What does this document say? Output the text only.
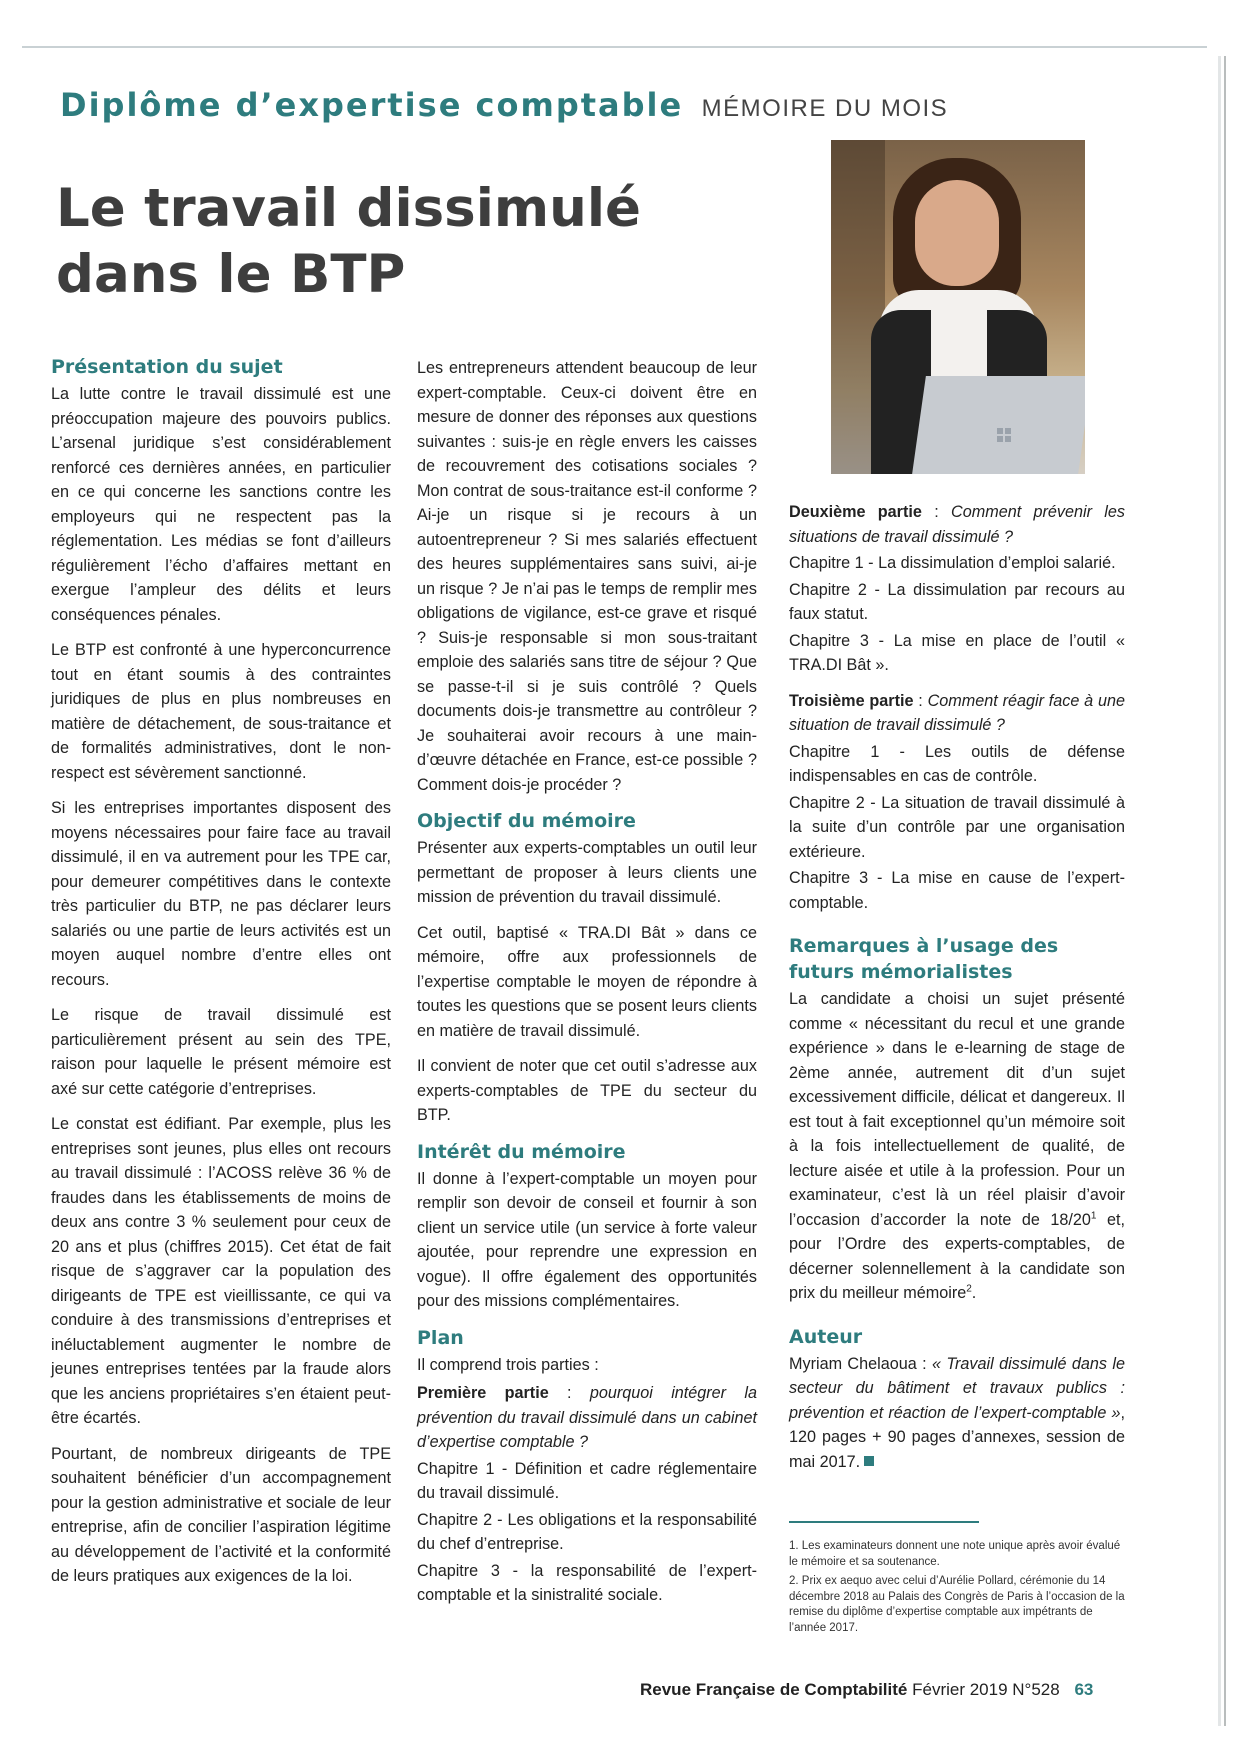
Diplôme d’expertise comptable MÉMOIRE DU MOIS
Le travail dissimulé dans le BTP
Présentation du sujet

La lutte contre le travail dissimulé est une préoccupation majeure des pouvoirs publics. L’arsenal juridique s’est considérablement renforcé ces dernières années, en particulier en ce qui concerne les sanctions contre les employeurs qui ne respectent pas la réglementation. Les médias se font d’ailleurs régulièrement l’écho d’affaires mettant en exergue l’ampleur des délits et leurs conséquences pénales.

Le BTP est confronté à une hyperconcurrence tout en étant soumis à des contraintes juridiques de plus en plus nombreuses en matière de détachement, de sous-traitance et de formalités administratives, dont le non-respect est sévèrement sanctionné.

Si les entreprises importantes disposent des moyens nécessaires pour faire face au travail dissimulé, il en va autrement pour les TPE car, pour demeurer compétitives dans le contexte très particulier du BTP, ne pas déclarer leurs salariés ou une partie de leurs activités est un moyen auquel nombre d’entre elles ont recours.

Le risque de travail dissimulé est particulièrement présent au sein des TPE, raison pour laquelle le présent mémoire est axé sur cette catégorie d’entreprises.

Le constat est édifiant. Par exemple, plus les entreprises sont jeunes, plus elles ont recours au travail dissimulé : l’ACOSS relève 36 % de fraudes dans les établissements de moins de deux ans contre 3 % seulement pour ceux de 20 ans et plus (chiffres 2015). Cet état de fait risque de s’aggraver car la population des dirigeants de TPE est vieillissante, ce qui va conduire à des transmissions d’entreprises et inéluctablement augmenter le nombre de jeunes entreprises tentées par la fraude alors que les anciens propriétaires s’en étaient peut-être écartés.

Pourtant, de nombreux dirigeants de TPE souhaitent bénéficier d’un accompagnement pour la gestion administrative et sociale de leur entreprise, afin de concilier l’aspiration légitime au développement de l’activité et la conformité de leurs pratiques aux exigences de la loi.

Les entrepreneurs attendent beaucoup de leur expert-comptable. Ceux-ci doivent être en mesure de donner des réponses aux questions suivantes : suis-je en règle envers les caisses de recouvrement des cotisations sociales ? Mon contrat de sous-traitance est-il conforme ? Ai-je un risque si je recours à un autoentrepreneur ? Si mes salariés effectuent des heures supplémentaires sans suivi, ai-je un risque ? Je n’ai pas le temps de remplir mes obligations de vigilance, est-ce grave et risqué ? Suis-je responsable si mon sous-traitant emploie des salariés sans titre de séjour ? Que se passe-t-il si je suis contrôlé ? Quels documents dois-je transmettre au contrôleur ? Je souhaiterai avoir recours à une main-d’œuvre détachée en France, est-ce possible ? Comment dois-je procéder ?

Objectif du mémoire

Présenter aux experts-comptables un outil leur permettant de proposer à leurs clients une mission de prévention du travail dissimulé.

Cet outil, baptisé « TRA.DI Bât » dans ce mémoire, offre aux professionnels de l’expertise comptable le moyen de répondre à toutes les questions que se posent leurs clients en matière de travail dissimulé.

Il convient de noter que cet outil s’adresse aux experts-comptables de TPE du secteur du BTP.

Intérêt du mémoire

Il donne à l’expert-comptable un moyen pour remplir son devoir de conseil et fournir à son client un service utile (un service à forte valeur ajoutée, pour reprendre une expression en vogue). Il offre également des opportunités pour des missions complémentaires.

Plan

Il comprend trois parties :

Première partie : pourquoi intégrer la prévention du travail dissimulé dans un cabinet d’expertise comptable ?

Chapitre 1 - Définition et cadre réglementaire du travail dissimulé.

Chapitre 2 - Les obligations et la responsabilité du chef d’entreprise.

Chapitre 3 - la responsabilité de l’expert-comptable et la sinistralité sociale.

Deuxième partie : Comment prévenir les situations de travail dissimulé ?

Chapitre 1 - La dissimulation d’emploi salarié.

Chapitre 2 - La dissimulation par recours au faux statut.

Chapitre 3 - La mise en place de l’outil « TRA.DI Bât ».

Troisième partie : Comment réagir face à une situation de travail dissimulé ?

Chapitre 1 - Les outils de défense indispensables en cas de contrôle.

Chapitre 2 - La situation de travail dissimulé à la suite d’un contrôle par une organisation extérieure.

Chapitre 3 - La mise en cause de l’expert-comptable.

Remarques à l’usage des futurs mémorialistes

La candidate a choisi un sujet présenté comme « nécessitant du recul et une grande expérience » dans le e-learning de stage de 2ème année, autrement dit d’un sujet excessivement difficile, délicat et dangereux. Il est tout à fait exceptionnel qu’un mémoire soit à la fois intellectuellement de qualité, de lecture aisée et utile à la profession. Pour un examinateur, c’est là un réel plaisir d’avoir l’occasion d’accorder la note de $18/20^1$ et, pour l’Ordre des experts-comptables, de décerner solennellement à la candidate son prix du meilleur mémoire$^2$.

Auteur

Myriam Chelaoua : « Travail dissimulé dans le secteur du bâtiment et travaux publics : prévention et réaction de l’expert-comptable », 120 pages + 90 pages d’annexes, session de mai 2017.

1. Les examinateurs donnent une note unique après avoir évalué le mémoire et sa soutenance.

2. Prix ex aequo avec celui d’Aurélie Pollard, cérémonie du 14 décembre 2018 au Palais des Congrès de Paris à l’occasion de la remise du diplôme d’expertise comptable aux impétrants de l’année 2017.

Revue Française de Comptabilité Février 2019 N°528 63
